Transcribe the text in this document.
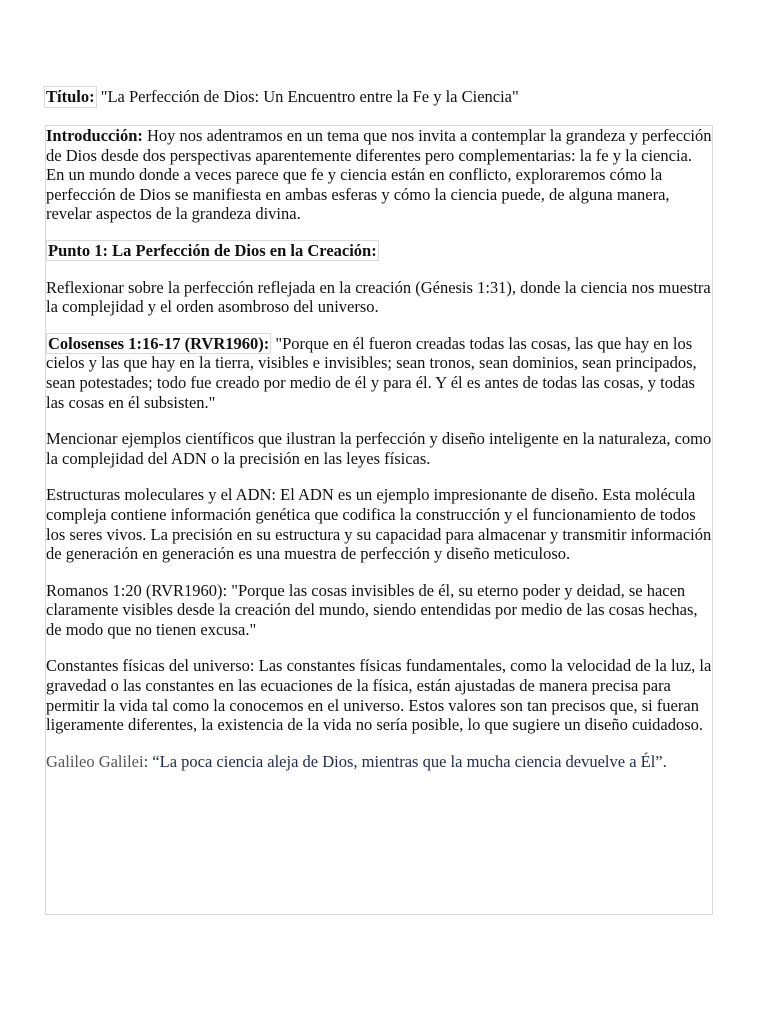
Título: "La Perfección de Dios: Un Encuentro entre la Fe y la Ciencia"

Introducción: Hoy nos adentramos en un tema que nos invita a contemplar la grandeza y perfección de Dios desde dos perspectivas aparentemente diferentes pero complementarias: la fe y la ciencia. En un mundo donde a veces parece que fe y ciencia están en conflicto, exploraremos cómo la perfección de Dios se manifiesta en ambas esferas y cómo la ciencia puede, de alguna manera, revelar aspectos de la grandeza divina.

Punto 1: La Perfección de Dios en la Creación:

Reflexionar sobre la perfección reflejada en la creación (Génesis 1:31), donde la ciencia nos muestra la complejidad y el orden asombroso del universo.

Colosenses 1:16-17 (RVR1960): "Porque en él fueron creadas todas las cosas, las que hay en los cielos y las que hay en la tierra, visibles e invisibles; sean tronos, sean dominios, sean principados, sean potestades; todo fue creado por medio de él y para él. Y él es antes de todas las cosas, y todas las cosas en él subsisten."

Mencionar ejemplos científicos que ilustran la perfección y diseño inteligente en la naturaleza, como la complejidad del ADN o la precisión en las leyes físicas.

Estructuras moleculares y el ADN: El ADN es un ejemplo impresionante de diseño. Esta molécula compleja contiene información genética que codifica la construcción y el funcionamiento de todos los seres vivos. La precisión en su estructura y su capacidad para almacenar y transmitir información de generación en generación es una muestra de perfección y diseño meticuloso.

Romanos 1:20 (RVR1960): "Porque las cosas invisibles de él, su eterno poder y deidad, se hacen claramente visibles desde la creación del mundo, siendo entendidas por medio de las cosas hechas, de modo que no tienen excusa."

Constantes físicas del universo: Las constantes físicas fundamentales, como la velocidad de la luz, la gravedad o las constantes en las ecuaciones de la física, están ajustadas de manera precisa para permitir la vida tal como la conocemos en el universo. Estos valores son tan precisos que, si fueran ligeramente diferentes, la existencia de la vida no sería posible, lo que sugiere un diseño cuidadoso.

Galileo Galilei: “La poca ciencia aleja de Dios, mientras que la mucha ciencia devuelve a Él”.
